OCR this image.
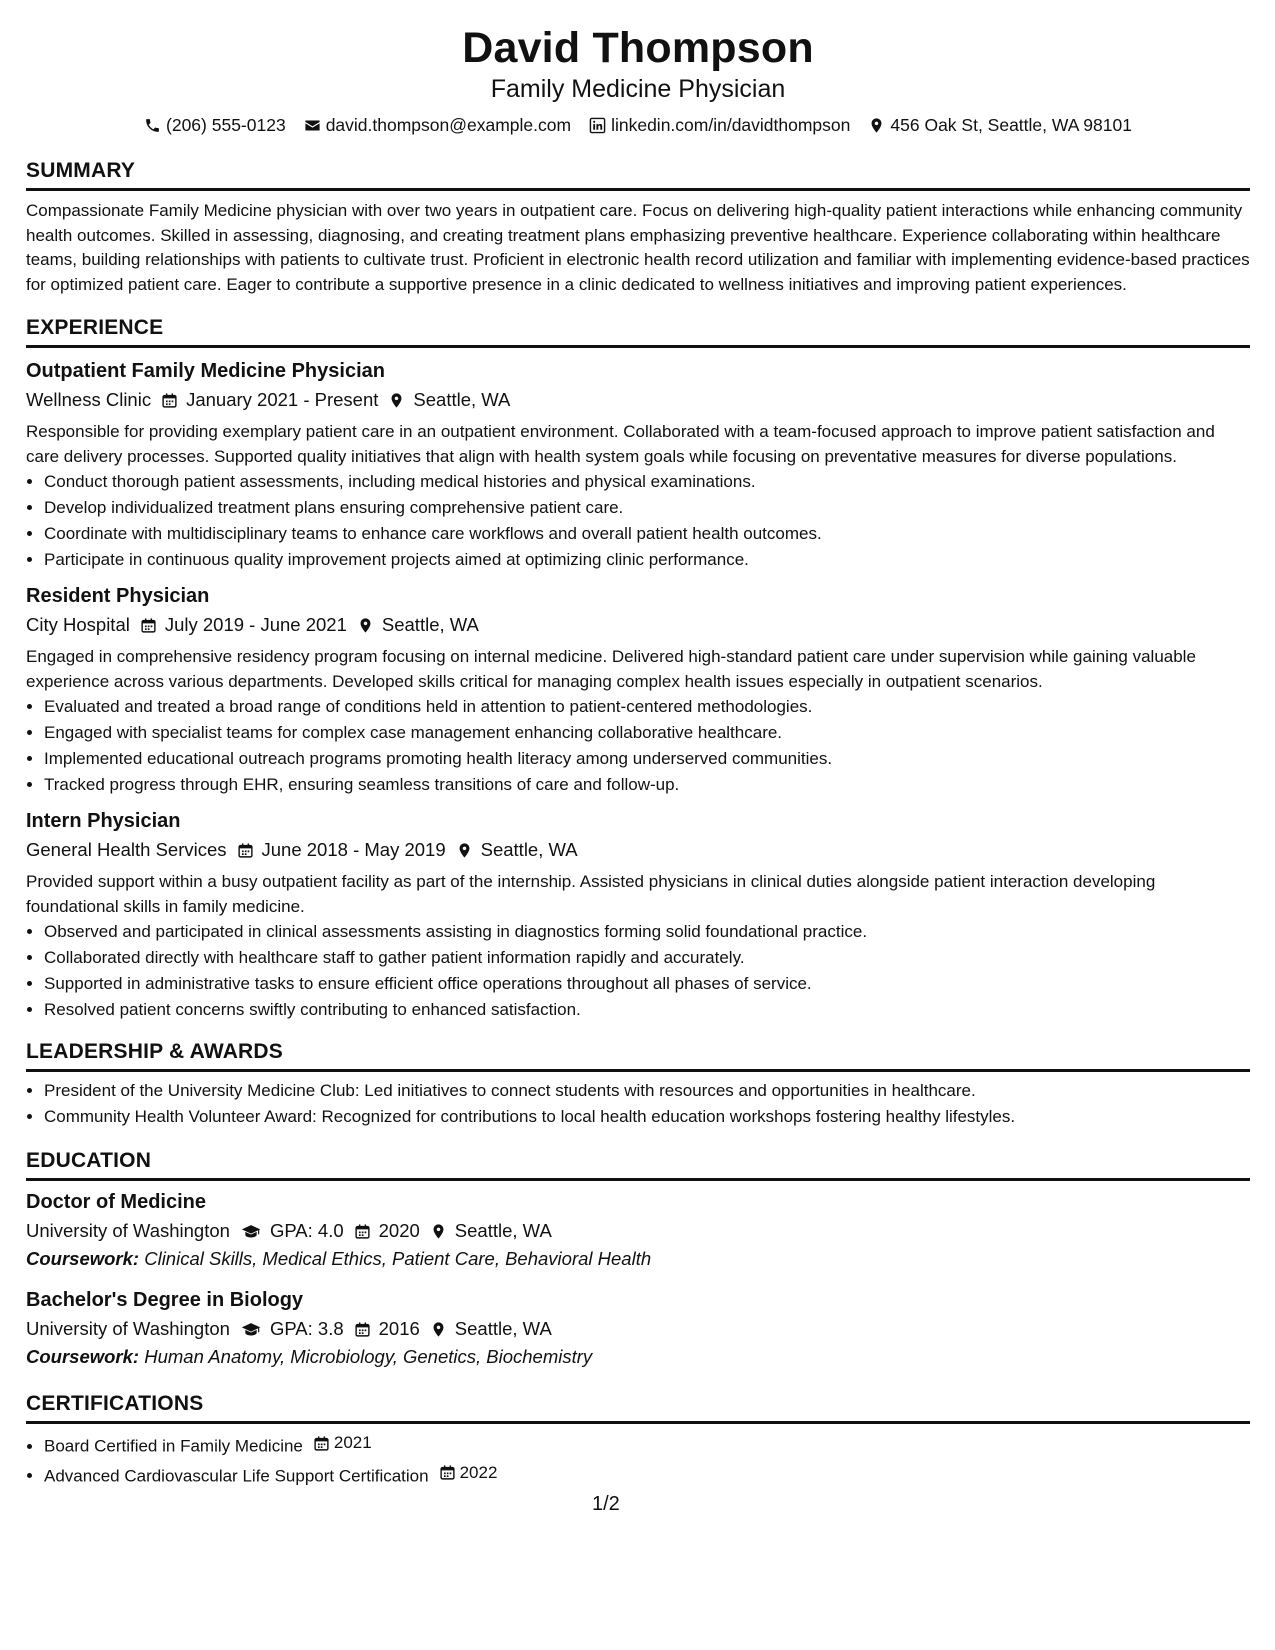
David Thompson
Family Medicine Physician
(206) 555-0123 david.thompson@example.com linkedin.com/in/davidthompson 456 Oak St, Seattle, WA 98101
SUMMARY

Compassionate Family Medicine physician with over two years in outpatient care. Focus on delivering high-quality patient interactions while enhancing community health outcomes. Skilled in assessing, diagnosing, and creating treatment plans emphasizing preventive healthcare. Experience collaborating within healthcare teams, building relationships with patients to cultivate trust. Proficient in electronic health record utilization and familiar with implementing evidence-based practices for optimized patient care. Eager to contribute a supportive presence in a clinic dedicated to wellness initiatives and improving patient experiences.

EXPERIENCE
Outpatient Family Medicine Physician
Wellness Clinic January 2021 - Present Seattle, WA

Responsible for providing exemplary patient care in an outpatient environment. Collaborated with a team-focused approach to improve patient satisfaction and care delivery processes. Supported quality initiatives that align with health system goals while focusing on preventative measures for diverse populations.

• Conduct thorough patient assessments, including medical histories and physical examinations.
• Develop individualized treatment plans ensuring comprehensive patient care.
• Coordinate with multidisciplinary teams to enhance care workflows and overall patient health outcomes.
• Participate in continuous quality improvement projects aimed at optimizing clinic performance.
Resident Physician
City Hospital July 2019 - June 2021 Seattle, WA

Engaged in comprehensive residency program focusing on internal medicine. Delivered high-standard patient care under supervision while gaining valuable experience across various departments. Developed skills critical for managing complex health issues especially in outpatient scenarios.

• Evaluated and treated a broad range of conditions held in attention to patient-centered methodologies.
• Engaged with specialist teams for complex case management enhancing collaborative healthcare.
• Implemented educational outreach programs promoting health literacy among underserved communities.
• Tracked progress through EHR, ensuring seamless transitions of care and follow-up.
Intern Physician
General Health Services June 2018 - May 2019 Seattle, WA

Provided support within a busy outpatient facility as part of the internship. Assisted physicians in clinical duties alongside patient interaction developing foundational skills in family medicine.

• Observed and participated in clinical assessments assisting in diagnostics forming solid foundational practice.
• Collaborated directly with healthcare staff to gather patient information rapidly and accurately.
• Supported in administrative tasks to ensure efficient office operations throughout all phases of service.
• Resolved patient concerns swiftly contributing to enhanced satisfaction.
LEADERSHIP & AWARDS
• President of the University Medicine Club: Led initiatives to connect students with resources and opportunities in healthcare.
• Community Health Volunteer Award: Recognized for contributions to local health education workshops fostering healthy lifestyles.
EDUCATION
Doctor of Medicine
University of Washington GPA: 4.0 2020 Seattle, WA
Coursework: Clinical Skills, Medical Ethics, Patient Care, Behavioral Health
Bachelor's Degree in Biology
University of Washington GPA: 3.8 2016 Seattle, WA
Coursework: Human Anatomy, Microbiology, Genetics, Biochemistry
CERTIFICATIONS
• Board Certified in Family Medicine 2021
• Advanced Cardiovascular Life Support Certification 2022
1/2
